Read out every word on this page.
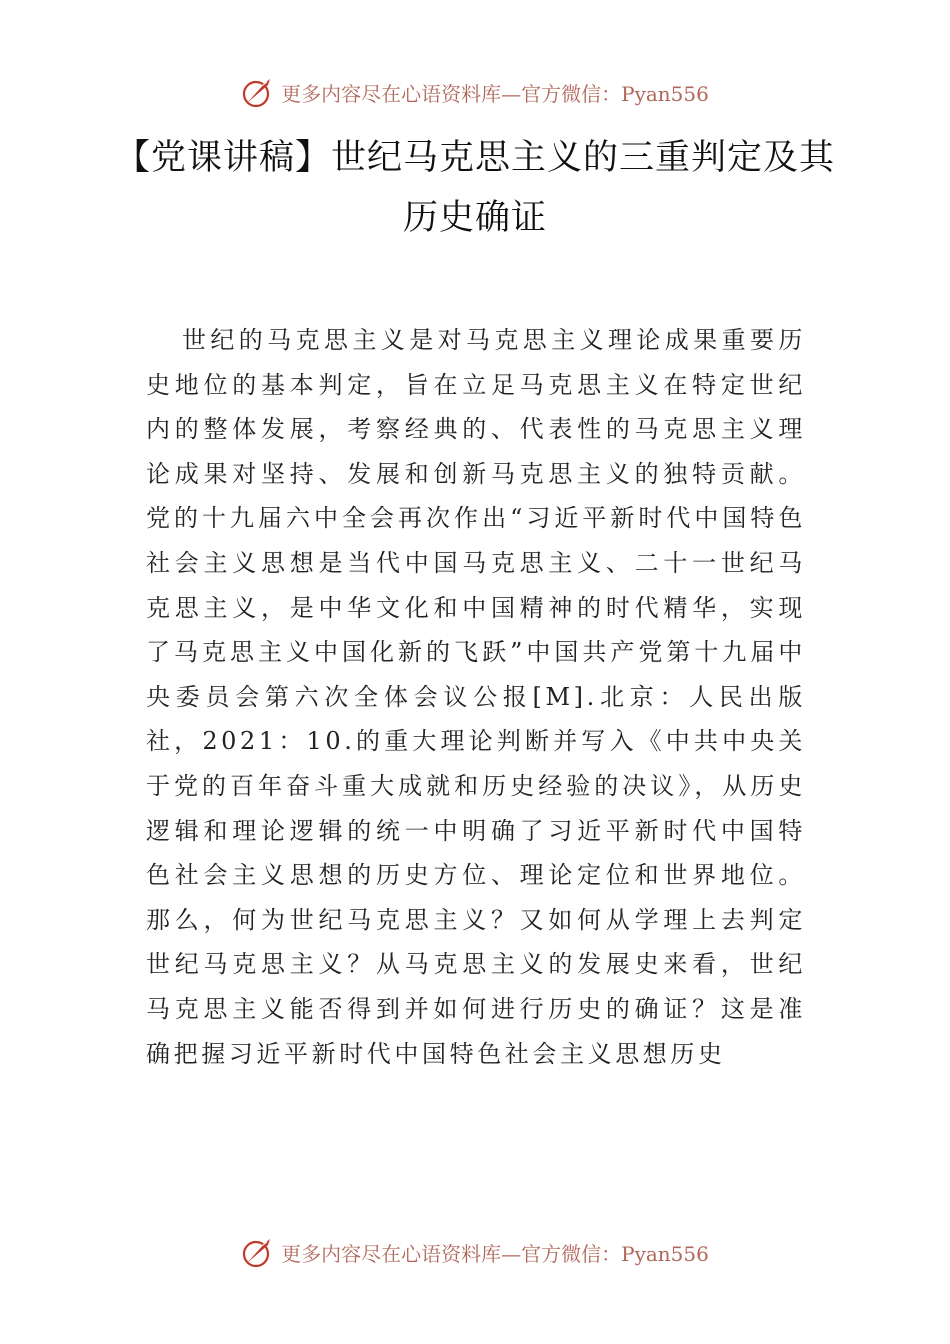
更多内容尽在心语资料库—官方微信：Pyan556
【党课讲稿】世纪马克思主义的三重判定及其
历史确证
世纪的马克思主义是对马克思主义理论成果重要历史地位的基本判定，旨在立足马克思主义在特定世纪内的整体发展，考察经典的、代表性的马克思主义理论成果对坚持、发展和创新马克思主义的独特贡献。党的十九届六中全会再次作出“习近平新时代中国特色社会主义思想是当代中国马克思主义、二十一世纪马克思主义，是中华文化和中国精神的时代精华，实现了马克思主义中国化新的飞跃”中国共产党第十九届中央委员会第六次全体会议公报[M].北京：人民出版社，2021：10.的重大理论判断并写入《中共中央关于党的百年奋斗重大成就和历史经验的决议》，从历史逻辑和理论逻辑的统一中明确了习近平新时代中国特色社会主义思想的历史方位、理论定位和世界地位。那么，何为世纪马克思主义？又如何从学理上去判定世纪马克思主义？从马克思主义的发展史来看，世纪马克思主义能否得到并如何进行历史的确证？这是准确把握习近平新时代中国特色社会主义思想历史
更多内容尽在心语资料库—官方微信：Pyan556
